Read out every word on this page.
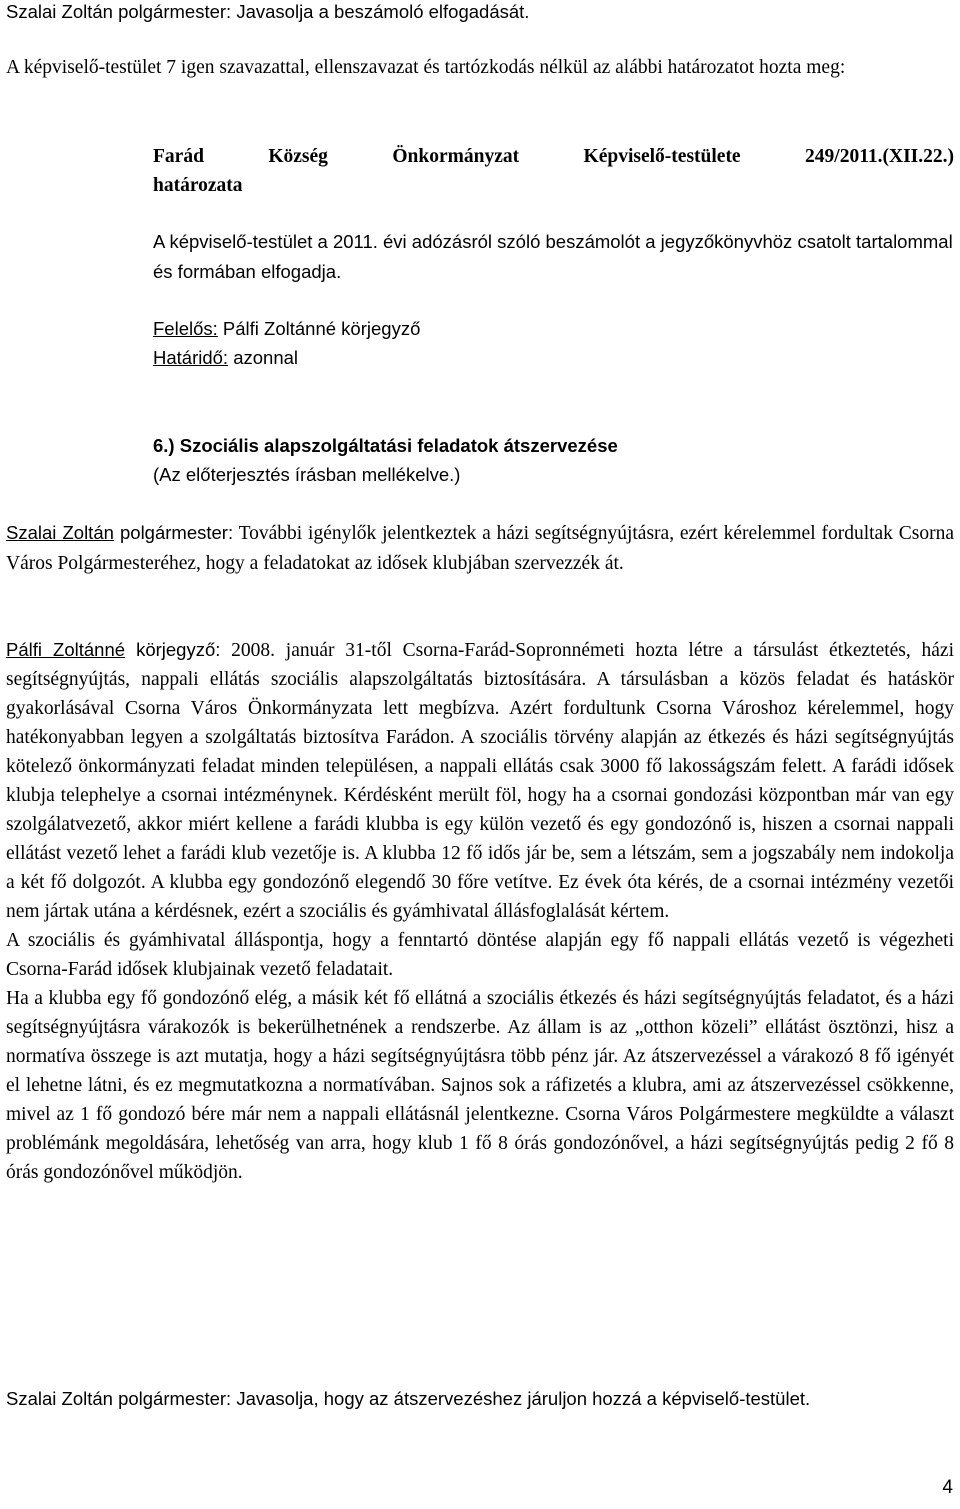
Szalai Zoltán polgármester: Javasolja a beszámoló elfogadását.

A képviselő-testület 7 igen szavazattal, ellenszavazat és tartózkodás nélkül az alábbi határozatot hozta meg:

Farád Község Önkormányzat Képviselő-testülete 249/2011.(XII.22.)
határozata

A képviselő-testület a 2011. évi adózásról szóló beszámolót a jegyzőkönyvhöz csatolt tartalommal és formában elfogadja.

Felelős: Pálfi Zoltánné körjegyző

Határidő: azonnal

6.) Szociális alapszolgáltatási feladatok átszervezése

(Az előterjesztés írásban mellékelve.)

Szalai Zoltán polgármester: További igénylők jelentkeztek a házi segítségnyújtásra, ezért kérelemmel fordultak Csorna Város Polgármesteréhez, hogy a feladatokat az idősek klubjában szervezzék át.

Pálfi Zoltánné körjegyző: 2008. január 31-től Csorna-Farád-Sopronnémeti hozta létre a társulást étkeztetés, házi segítségnyújtás, nappali ellátás szociális alapszolgáltatás biztosítására. A társulásban a közös feladat és hatáskör gyakorlásával Csorna Város Önkormányzata lett megbízva. Azért fordultunk Csorna Városhoz kérelemmel, hogy hatékonyabban legyen a szolgáltatás biztosítva Farádon. A szociális törvény alapján az étkezés és házi segítségnyújtás kötelező önkormányzati feladat minden településen, a nappali ellátás csak 3000 fő lakosságszám felett. A farádi idősek klubja telephelye a csornai intézménynek. Kérdésként merült föl, hogy ha a csornai gondozási központban már van egy szolgálatvezető, akkor miért kellene a farádi klubba is egy külön vezető és egy gondozónő is, hiszen a csornai nappali ellátást vezető lehet a farádi klub vezetője is. A klubba 12 fő idős jár be, sem a létszám, sem a jogszabály nem indokolja a két fő dolgozót. A klubba egy gondozónő elegendő 30 főre vetítve. Ez évek óta kérés, de a csornai intézmény vezetői nem jártak utána a kérdésnek, ezért a szociális és gyámhivatal állásfoglalását kértem.

A szociális és gyámhivatal álláspontja, hogy a fenntartó döntése alapján egy fő nappali ellátás vezető is végezheti Csorna-Farád idősek klubjainak vezető feladatait.

Ha a klubba egy fő gondozónő elég, a másik két fő ellátná a szociális étkezés és házi segítségnyújtás feladatot, és a házi segítségnyújtásra várakozók is bekerülhetnének a rendszerbe. Az állam is az „otthon közeli” ellátást ösztönzi, hisz a normatíva összege is azt mutatja, hogy a házi segítségnyújtásra több pénz jár. Az átszervezéssel a várakozó 8 fő igényét el lehetne látni, és ez megmutatkozna a normatívában. Sajnos sok a ráfizetés a klubra, ami az átszervezéssel csökkenne, mivel az 1 fő gondozó bére már nem a nappali ellátásnál jelentkezne. Csorna Város Polgármestere megküldte a választ problémánk megoldására, lehetőség van arra, hogy klub 1 fő 8 órás gondozónővel, a házi segítségnyújtás pedig 2 fő 8 órás gondozónővel működjön.

Szalai Zoltán polgármester: Javasolja, hogy az átszervezéshez járuljon hozzá a képviselő-testület.

4
